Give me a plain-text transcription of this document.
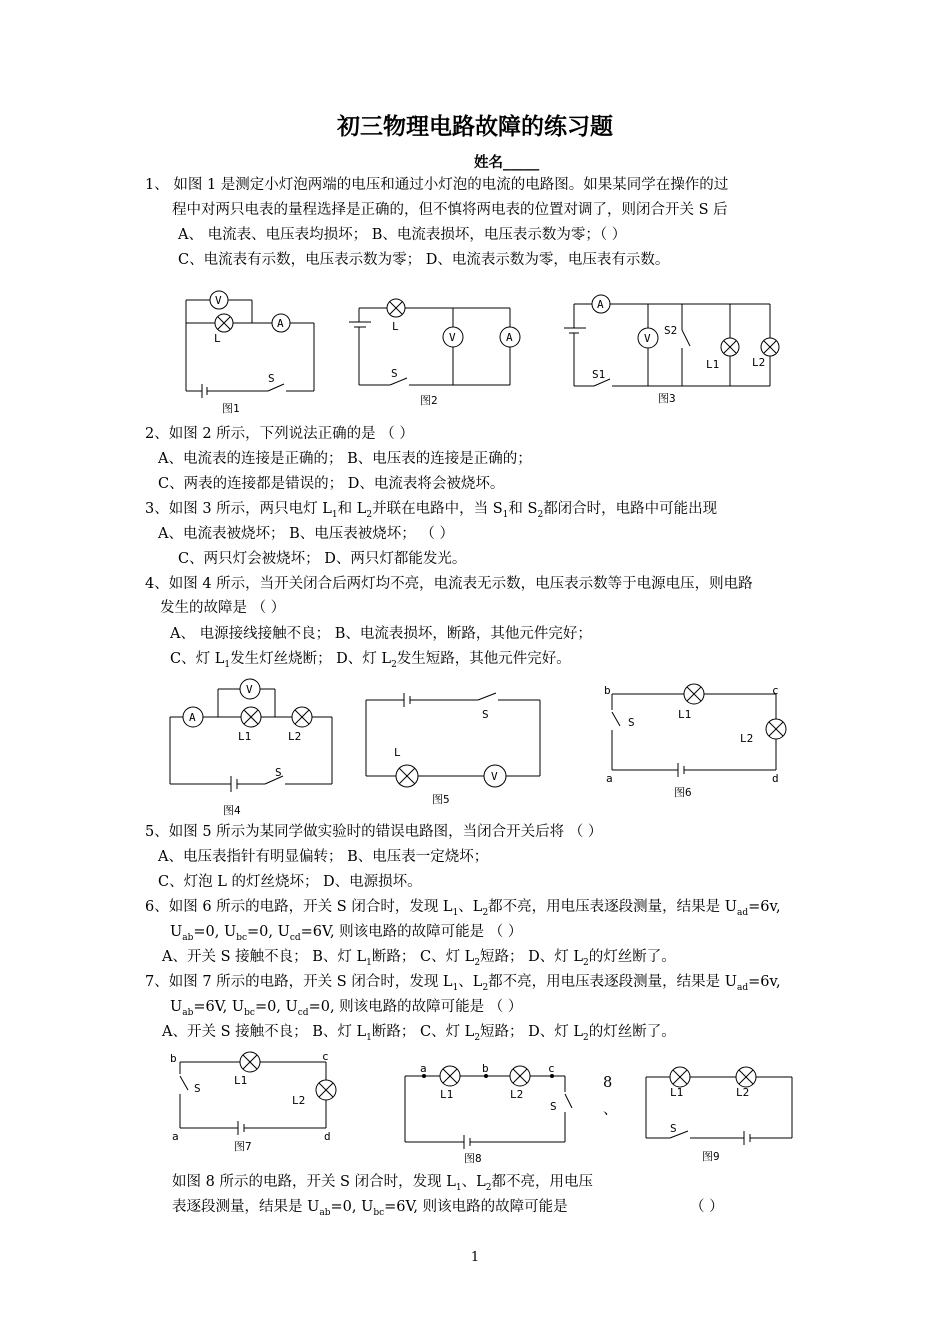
初三物理电路故障的练习题
姓名_____
1、 如图 1 是测定小灯泡两端的电压和通过小灯泡的电流的电路图。如果某同学在操作的过
程中对两只电表的量程选择是正确的，但不慎将两电表的位置对调了，则闭合开关 S 后
A、 电流表、电压表均损坏； B、电流表损坏，电压表示数为零；（ ）
C、电流表有示数，电压表示数为零； D、电流表示数为零，电压表有示数。
V
A
L
S
图1
L
V	A
S
图2
A
V
S2
L1	L2
S1
图3
2、如图 2 所示，下列说法正确的是 （ ）
A、电流表的连接是正确的； B、电压表的连接是正确的；
C、两表的连接都是错误的； D、电流表将会被烧坏。
3、如图 3 所示，两只电灯 $L_1$和 $L_2$并联在电路中，当 $S_1$和 $S_2$都闭合时，电路中可能出现
A、电流表被烧坏； B、电压表被烧坏； （ ）
C、两只灯会被烧坏； D、两只灯都能发光。
4、如图 4 所示，当开关闭合后两灯均不亮，电流表无示数，电压表示数等于电源电压，则电路
发生的故障是 （ ）
A、 电源接线接触不良； B、电流表损坏，断路，其他元件完好；
C、灯 $L_1$发生灯丝烧断； D、灯 $L_2$发生短路，其他元件完好。
A
V
L1	L2
S
图4
S
L
V
图5
b	c
S
L1
L2
a	d
图6
5、如图 5 所示为某同学做实验时的错误电路图，当闭合开关后将 （ ）
A、电压表指针有明显偏转； B、电压表一定烧坏；
C、灯泡 L 的灯丝烧坏； D、电源损坏。
6、如图 6 所示的电路，开关 S 闭合时，发现 $L_1$、$L_2$都不亮，用电压表逐段测量，结果是 $U_{ad}=6v$,
$U_{ab}=0$, $U_{bc}=0$, $U_{cd}=6V$, 则该电路的故障可能是 （ ）
A、开关 S 接触不良； B、灯 $L_1$断路； C、灯 $L_2$短路； D、灯 $L_2$的灯丝断了。
7、如图 7 所示的电路，开关 S 闭合时，发现 $L_1$、$L_2$都不亮，用电压表逐段测量，结果是 $U_{ad}=6v$,
$U_{ab}=6V$, $U_{bc}=0$, $U_{cd}=0$, 则该电路的故障可能是 （ ）
A、开关 S 接触不良； B、灯 $L_1$断路； C、灯 $L_2$短路； D、灯 $L_2$的灯丝断了。
b	c
S
L1
L2
a	d
图7
a	b	c
L1	L2
S
图8
8
、
L1	L2
S
图9
如图 8 所示的电路，开关 S 闭合时，发现 $L_1$、$L_2$都不亮，用电压
表逐段测量，结果是 $U_{ab}=0$, $U_{bc}=6V$, 则该电路的故障可能是	（ ）
1
